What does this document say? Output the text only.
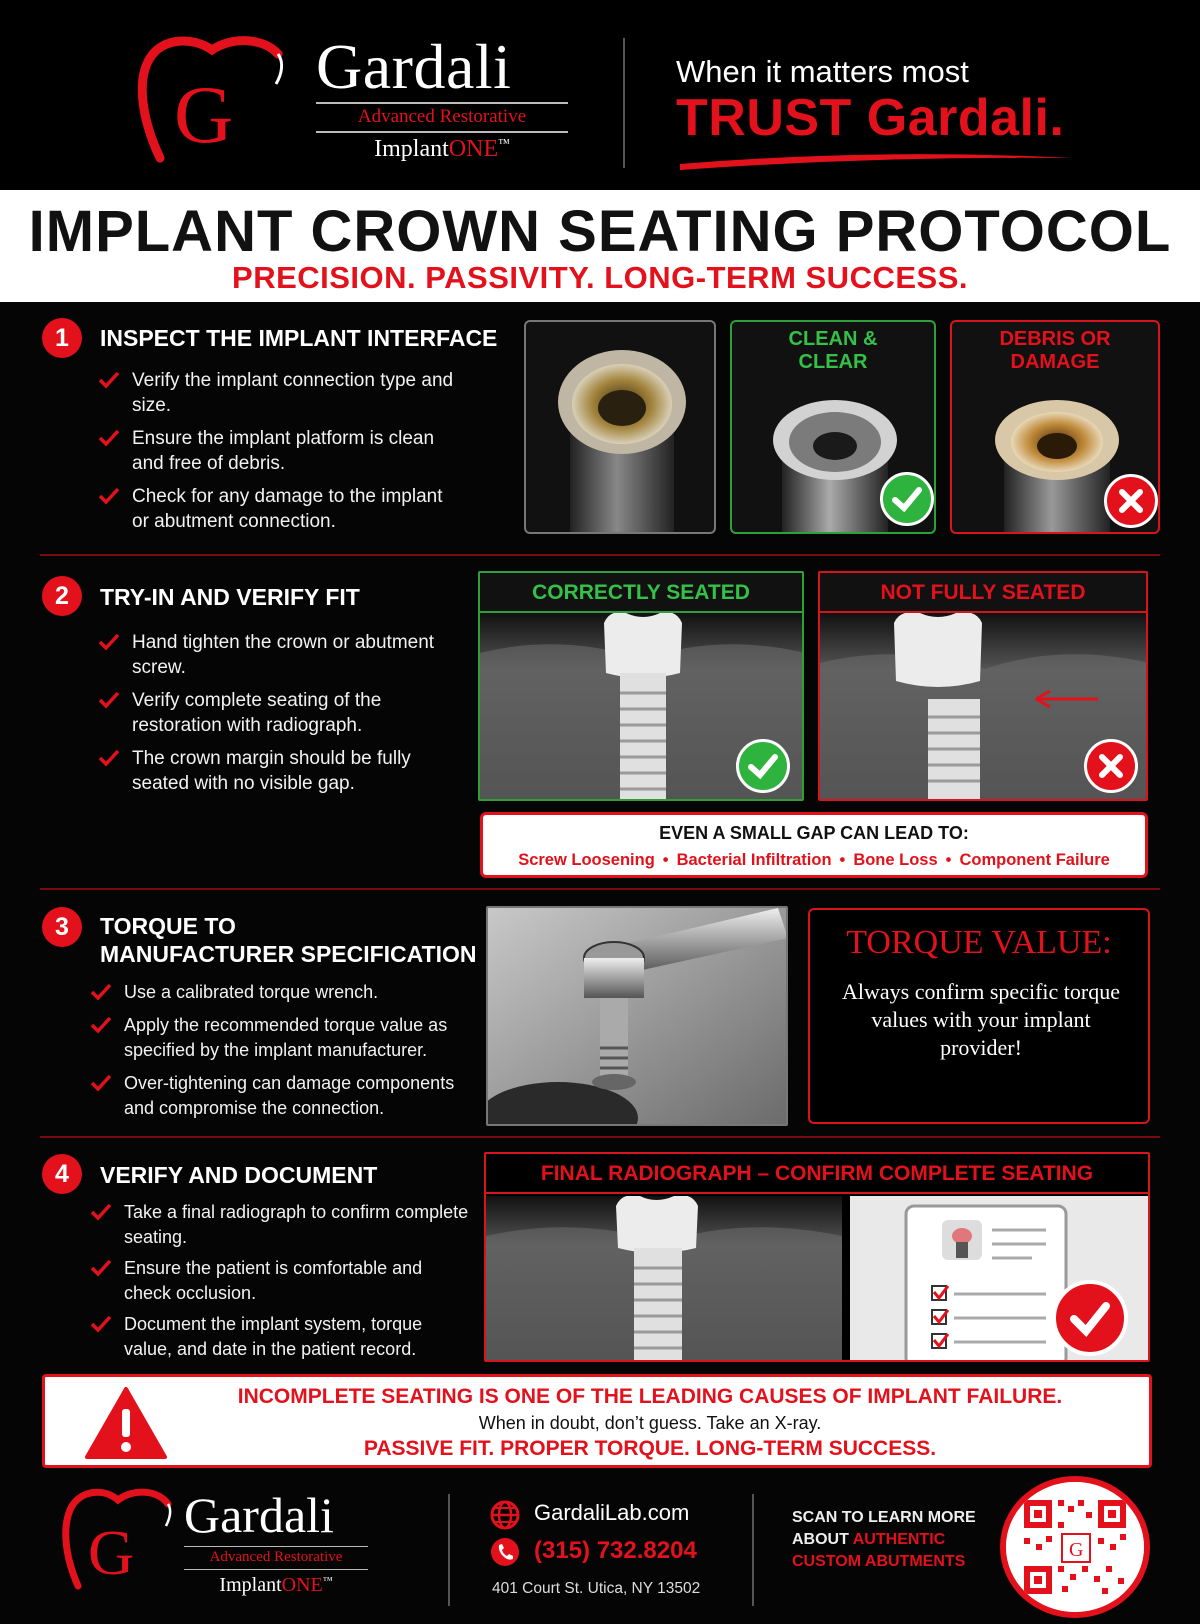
G
Gardali
Advanced Restorative
ImplantONE™
When it matters most
TRUST Gardali.
IMPLANT CROWN SEATING PROTOCOL
PRECISION. PASSIVITY. LONG-TERM SUCCESS.
1	INSPECT THE IMPLANT INTERFACE
Verify the implant connection type and size.
Ensure the implant platform is clean and free of debris.
Check for any damage to the implant or abutment connection.
CLEAN &
CLEAR
DEBRIS OR
DAMAGE
2	TRY-IN AND VERIFY FIT
Hand tighten the crown or abutment screw.
Verify complete seating of the restoration with radiograph.
The crown margin should be fully seated with no visible gap.
CORRECTLY SEATED	NOT FULLY SEATED
EVEN A SMALL GAP CAN LEAD TO:
Screw Loosening • Bacterial Infiltration • Bone Loss • Component Failure
3	TORQUE TO
MANUFACTURER SPECIFICATION
Use a calibrated torque wrench.
Apply the recommended torque value as specified by the implant manufacturer.
Over-tightening can damage components and compromise the connection.
TORQUE VALUE:
Always confirm specific torque values with your implant provider!
4	VERIFY AND DOCUMENT
Take a final radiograph to confirm complete seating.
Ensure the patient is comfortable and check occlusion.
Document the implant system, torque value, and date in the patient record.
FINAL RADIOGRAPH – CONFIRM COMPLETE SEATING
INCOMPLETE SEATING IS ONE OF THE LEADING CAUSES OF IMPLANT FAILURE.
When in doubt, don’t guess. Take an X-ray.
PASSIVE FIT. PROPER TORQUE. LONG-TERM SUCCESS.
G
Gardali
Advanced Restorative
ImplantONE™
GardaliLab.com
(315) 732.8204
401 Court St. Utica, NY 13502
SCAN TO LEARN MORE
ABOUT AUTHENTIC
CUSTOM ABUTMENTS
G
